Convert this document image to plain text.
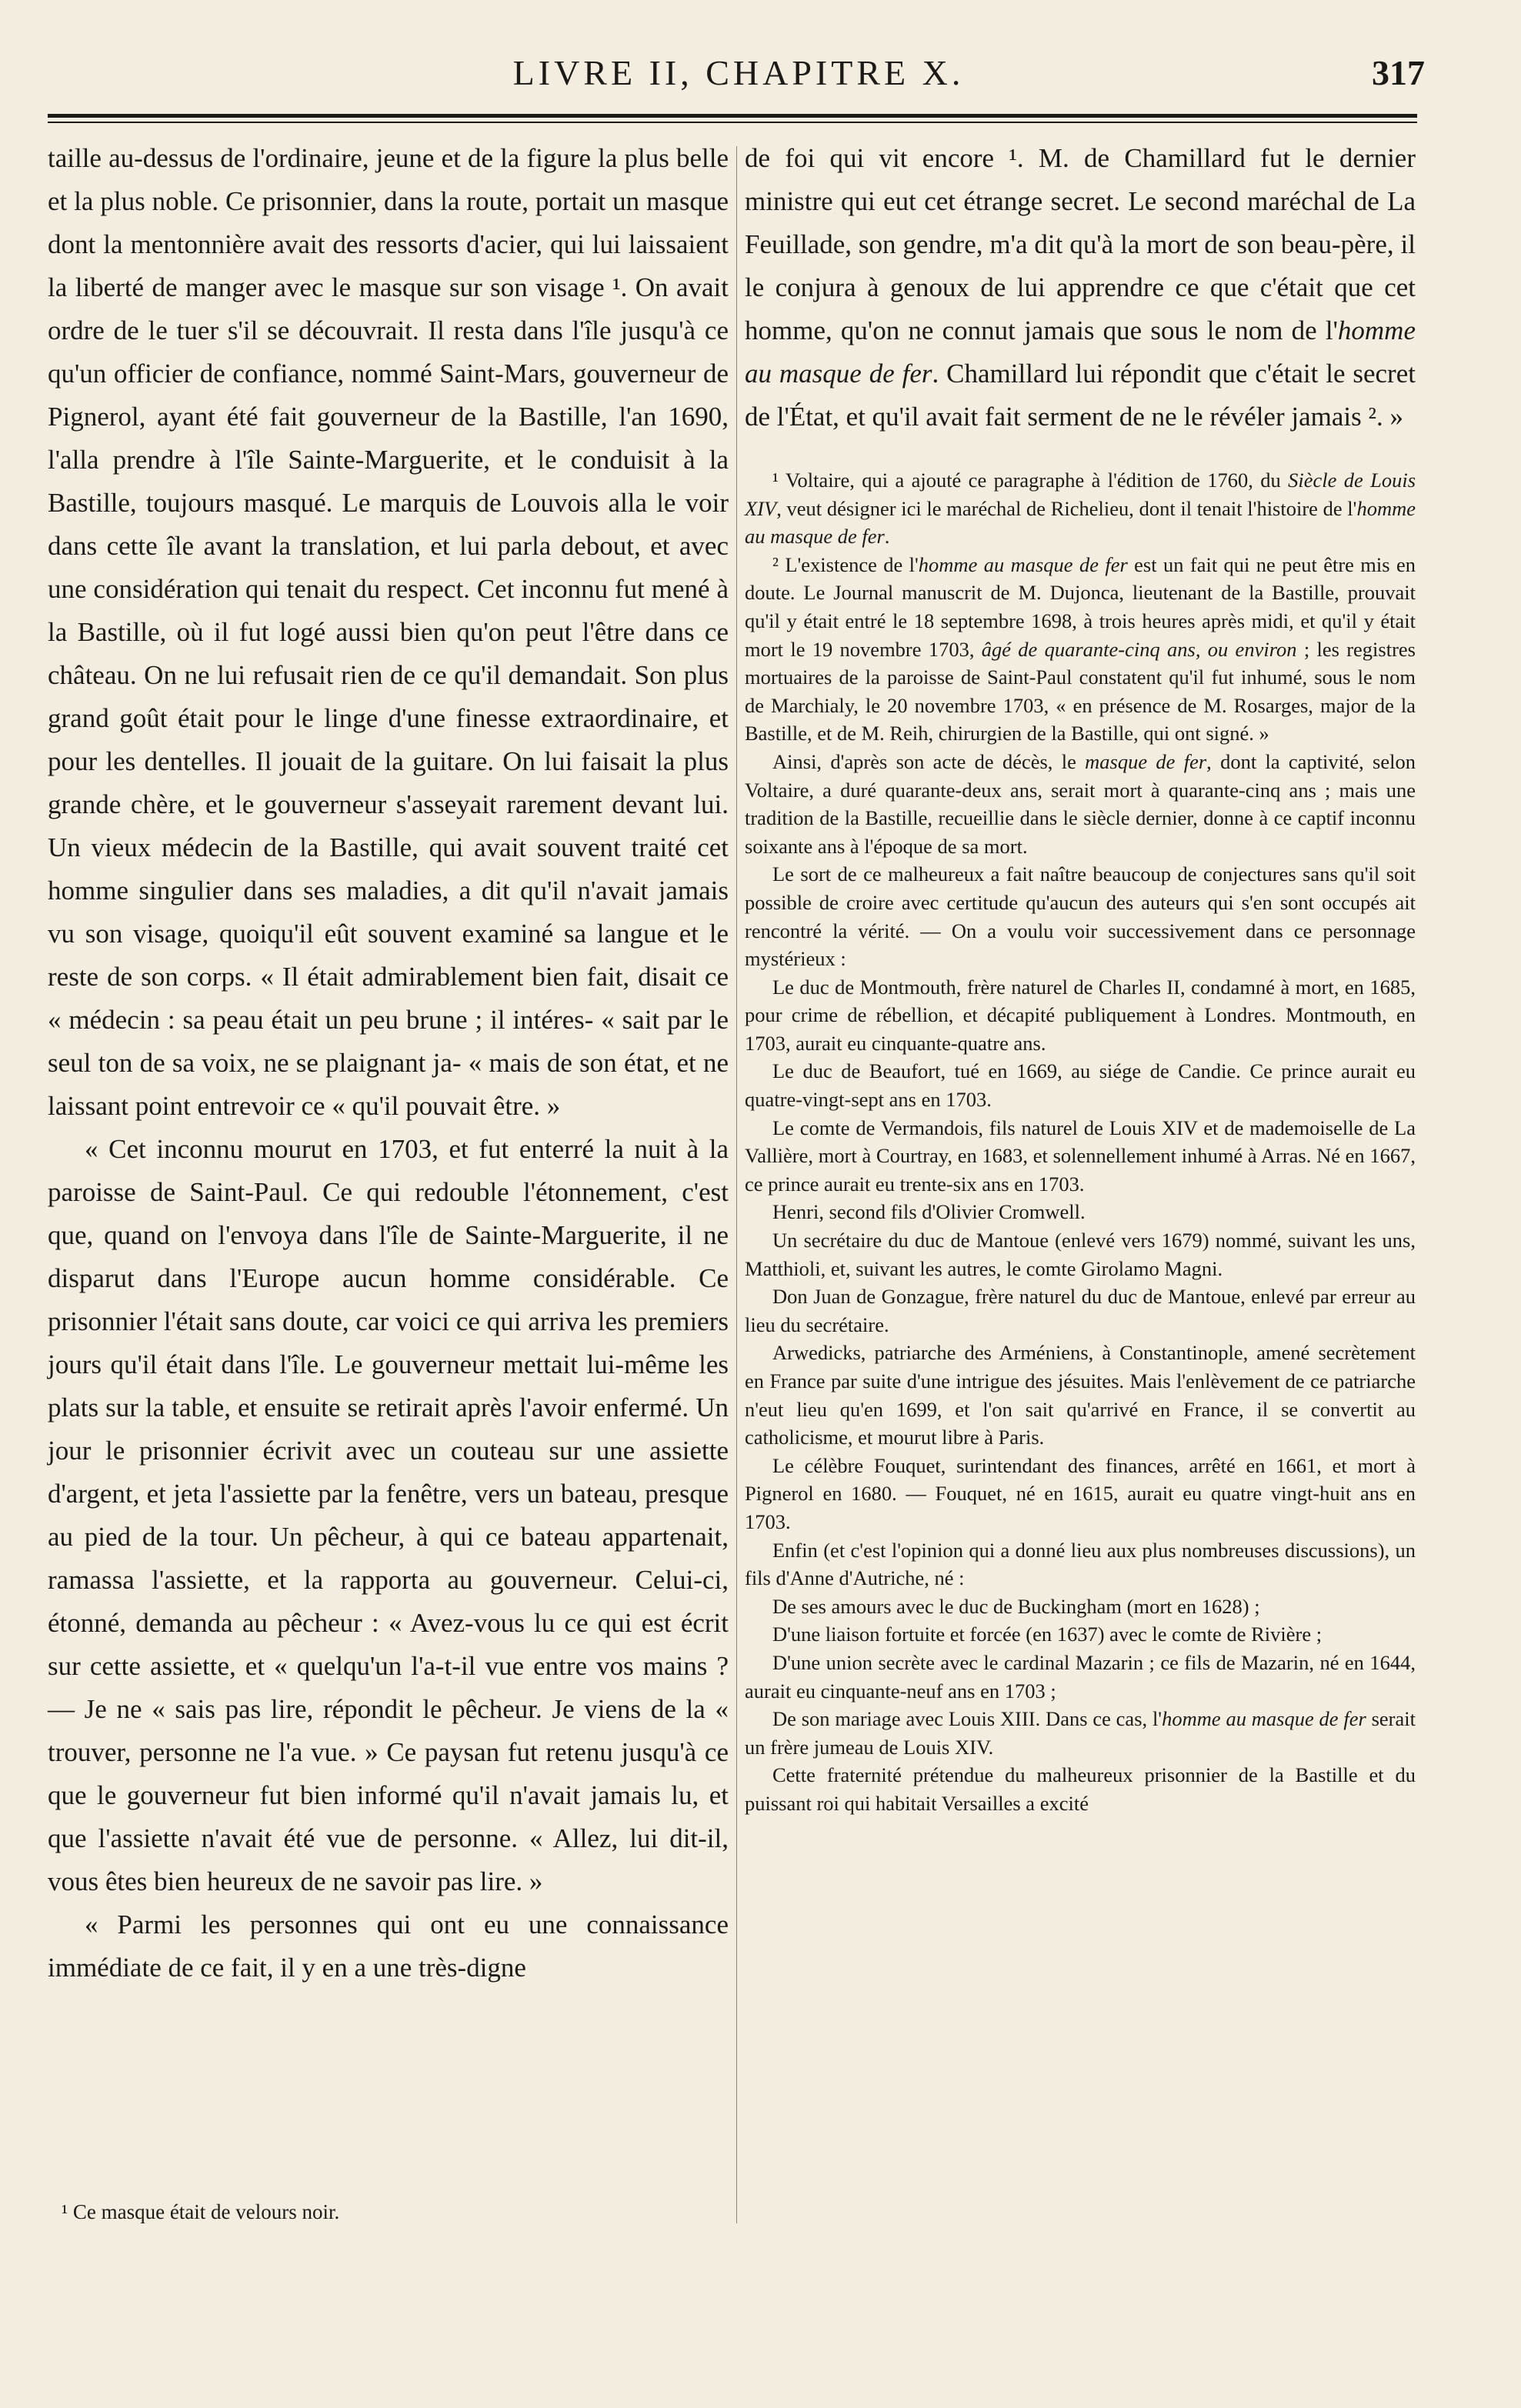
LIVRE II, CHAPITRE X.	317

taille au-dessus de l'ordinaire, jeune et de la figure la plus belle et la plus noble. Ce prisonnier, dans la route, portait un masque dont la mentonnière avait des ressorts d'acier, qui lui laissaient la liberté de manger avec le masque sur son visage ¹. On avait ordre de le tuer s'il se découvrait. Il resta dans l'île jusqu'à ce qu'un officier de confiance, nommé Saint-Mars, gouverneur de Pignerol, ayant été fait gouverneur de la Bastille, l'an 1690, l'alla prendre à l'île Sainte-Marguerite, et le conduisit à la Bastille, toujours masqué. Le marquis de Louvois alla le voir dans cette île avant la translation, et lui parla debout, et avec une considération qui tenait du respect. Cet inconnu fut mené à la Bastille, où il fut logé aussi bien qu'on peut l'être dans ce château. On ne lui refusait rien de ce qu'il demandait. Son plus grand goût était pour le linge d'une finesse extraordinaire, et pour les dentelles. Il jouait de la guitare. On lui faisait la plus grande chère, et le gouverneur s'asseyait rarement devant lui. Un vieux médecin de la Bastille, qui avait souvent traité cet homme singulier dans ses maladies, a dit qu'il n'avait jamais vu son visage, quoiqu'il eût souvent examiné sa langue et le reste de son corps. « Il était admirablement bien fait, disait ce « médecin : sa peau était un peu brune ; il intéres- « sait par le seul ton de sa voix, ne se plaignant ja- « mais de son état, et ne laissant point entrevoir ce « qu'il pouvait être. »

« Cet inconnu mourut en 1703, et fut enterré la nuit à la paroisse de Saint-Paul. Ce qui redouble l'étonnement, c'est que, quand on l'envoya dans l'île de Sainte-Marguerite, il ne disparut dans l'Europe aucun homme considérable. Ce prisonnier l'était sans doute, car voici ce qui arriva les premiers jours qu'il était dans l'île. Le gouverneur mettait lui-même les plats sur la table, et ensuite se retirait après l'avoir enfermé. Un jour le prisonnier écrivit avec un couteau sur une assiette d'argent, et jeta l'assiette par la fenêtre, vers un bateau, presque au pied de la tour. Un pêcheur, à qui ce bateau appartenait, ramassa l'assiette, et la rapporta au gouverneur. Celui-ci, étonné, demanda au pêcheur : « Avez-vous lu ce qui est écrit sur cette assiette, et « quelqu'un l'a-t-il vue entre vos mains ? — Je ne « sais pas lire, répondit le pêcheur. Je viens de la « trouver, personne ne l'a vue. » Ce paysan fut retenu jusqu'à ce que le gouverneur fut bien informé qu'il n'avait jamais lu, et que l'assiette n'avait été vue de personne. « Allez, lui dit-il, vous êtes bien heureux de ne savoir pas lire. »

« Parmi les personnes qui ont eu une connaissance immédiate de ce fait, il y en a une très-digne

¹ Ce masque était de velours noir.

de foi qui vit encore ¹. M. de Chamillard fut le dernier ministre qui eut cet étrange secret. Le second maréchal de La Feuillade, son gendre, m'a dit qu'à la mort de son beau-père, il le conjura à genoux de lui apprendre ce que c'était que cet homme, qu'on ne connut jamais que sous le nom de l'homme au masque de fer. Chamillard lui répondit que c'était le secret de l'État, et qu'il avait fait serment de ne le révéler jamais ². »

¹ Voltaire, qui a ajouté ce paragraphe à l'édition de 1760, du Siècle de Louis XIV, veut désigner ici le maréchal de Richelieu, dont il tenait l'histoire de l'homme au masque de fer.

² L'existence de l'homme au masque de fer est un fait qui ne peut être mis en doute. Le Journal manuscrit de M. Dujonca, lieutenant de la Bastille, prouvait qu'il y était entré le 18 septembre 1698, à trois heures après midi, et qu'il y était mort le 19 novembre 1703, âgé de quarante-cinq ans, ou environ ; les registres mortuaires de la paroisse de Saint-Paul constatent qu'il fut inhumé, sous le nom de Marchialy, le 20 novembre 1703, « en présence de M. Rosarges, major de la Bastille, et de M. Reih, chirurgien de la Bastille, qui ont signé. »

Ainsi, d'après son acte de décès, le masque de fer, dont la captivité, selon Voltaire, a duré quarante-deux ans, serait mort à quarante-cinq ans ; mais une tradition de la Bastille, recueillie dans le siècle dernier, donne à ce captif inconnu soixante ans à l'époque de sa mort.

Le sort de ce malheureux a fait naître beaucoup de conjectures sans qu'il soit possible de croire avec certitude qu'aucun des auteurs qui s'en sont occupés ait rencontré la vérité. — On a voulu voir successivement dans ce personnage mystérieux :

Le duc de Montmouth, frère naturel de Charles II, condamné à mort, en 1685, pour crime de rébellion, et décapité publiquement à Londres. Montmouth, en 1703, aurait eu cinquante-quatre ans.

Le duc de Beaufort, tué en 1669, au siége de Candie. Ce prince aurait eu quatre-vingt-sept ans en 1703.

Le comte de Vermandois, fils naturel de Louis XIV et de mademoiselle de La Vallière, mort à Courtray, en 1683, et solennellement inhumé à Arras. Né en 1667, ce prince aurait eu trente-six ans en 1703.

Henri, second fils d'Olivier Cromwell.

Un secrétaire du duc de Mantoue (enlevé vers 1679) nommé, suivant les uns, Matthioli, et, suivant les autres, le comte Girolamo Magni.

Don Juan de Gonzague, frère naturel du duc de Mantoue, enlevé par erreur au lieu du secrétaire.

Arwedicks, patriarche des Arméniens, à Constantinople, amené secrètement en France par suite d'une intrigue des jésuites. Mais l'enlèvement de ce patriarche n'eut lieu qu'en 1699, et l'on sait qu'arrivé en France, il se convertit au catholicisme, et mourut libre à Paris.

Le célèbre Fouquet, surintendant des finances, arrêté en 1661, et mort à Pignerol en 1680. — Fouquet, né en 1615, aurait eu quatre vingt-huit ans en 1703.

Enfin (et c'est l'opinion qui a donné lieu aux plus nombreuses discussions), un fils d'Anne d'Autriche, né :

De ses amours avec le duc de Buckingham (mort en 1628) ;

D'une liaison fortuite et forcée (en 1637) avec le comte de Rivière ;

D'une union secrète avec le cardinal Mazarin ; ce fils de Mazarin, né en 1644, aurait eu cinquante-neuf ans en 1703 ;

De son mariage avec Louis XIII. Dans ce cas, l'homme au masque de fer serait un frère jumeau de Louis XIV.

Cette fraternité prétendue du malheureux prisonnier de la Bastille et du puissant roi qui habitait Versailles a excité
